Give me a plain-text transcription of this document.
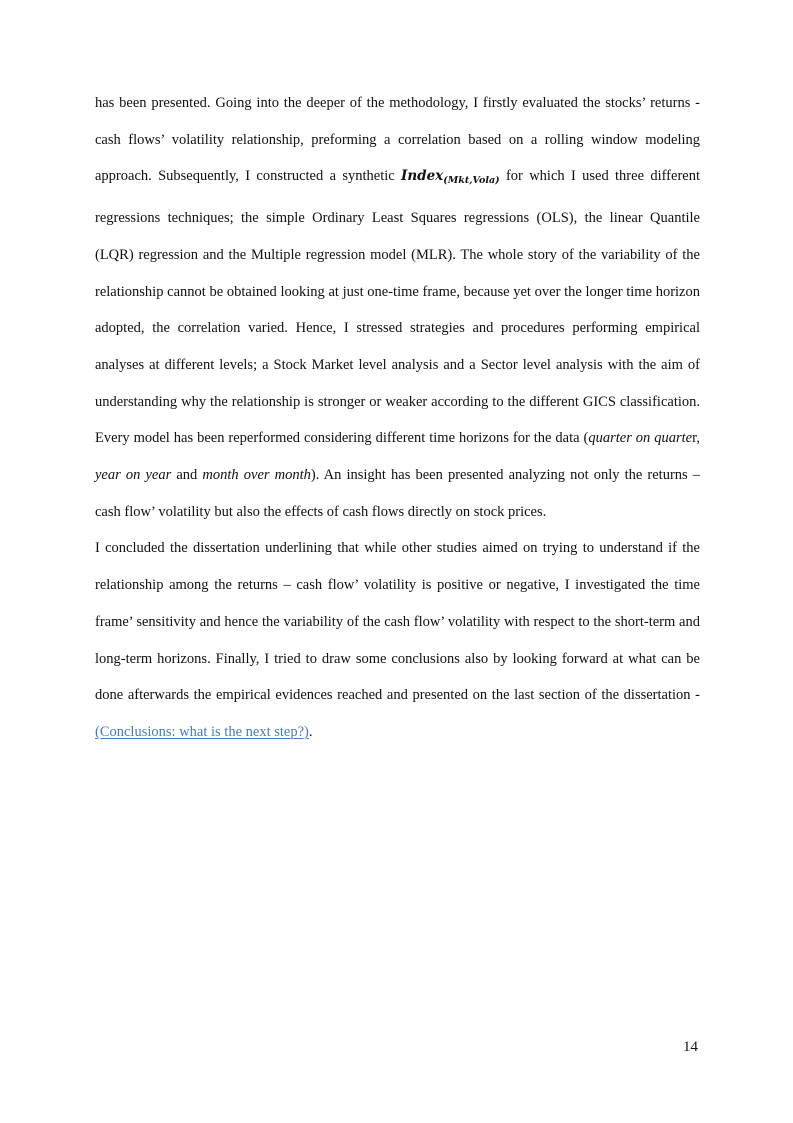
has been presented. Going into the deeper of the methodology, I firstly evaluated the stocks’ returns - cash flows’ volatility relationship, preforming a correlation based on a rolling window modeling approach. Subsequently, I constructed a synthetic Index$_{(Mkt,Vola)}$ for which I used three different regressions techniques; the simple Ordinary Least Squares regressions (OLS), the linear Quantile (LQR) regression and the Multiple regression model (MLR). The whole story of the variability of the relationship cannot be obtained looking at just one-time frame, because yet over the longer time horizon adopted, the correlation varied. Hence, I stressed strategies and procedures performing empirical analyses at different levels; a Stock Market level analysis and a Sector level analysis with the aim of understanding why the relationship is stronger or weaker according to the different GICS classification. Every model has been reperformed considering different time horizons for the data (quarter on quarter, year on year and month over month). An insight has been presented analyzing not only the returns – cash flow’ volatility but also the effects of cash flows directly on stock prices.

I concluded the dissertation underlining that while other studies aimed on trying to understand if the relationship among the returns – cash flow’ volatility is positive or negative, I investigated the time frame’ sensitivity and hence the variability of the cash flow’ volatility with respect to the short-term and long-term horizons. Finally, I tried to draw some conclusions also by looking forward at what can be done afterwards the empirical evidences reached and presented on the last section of the dissertation - (Conclusions: what is the next step?).

14
